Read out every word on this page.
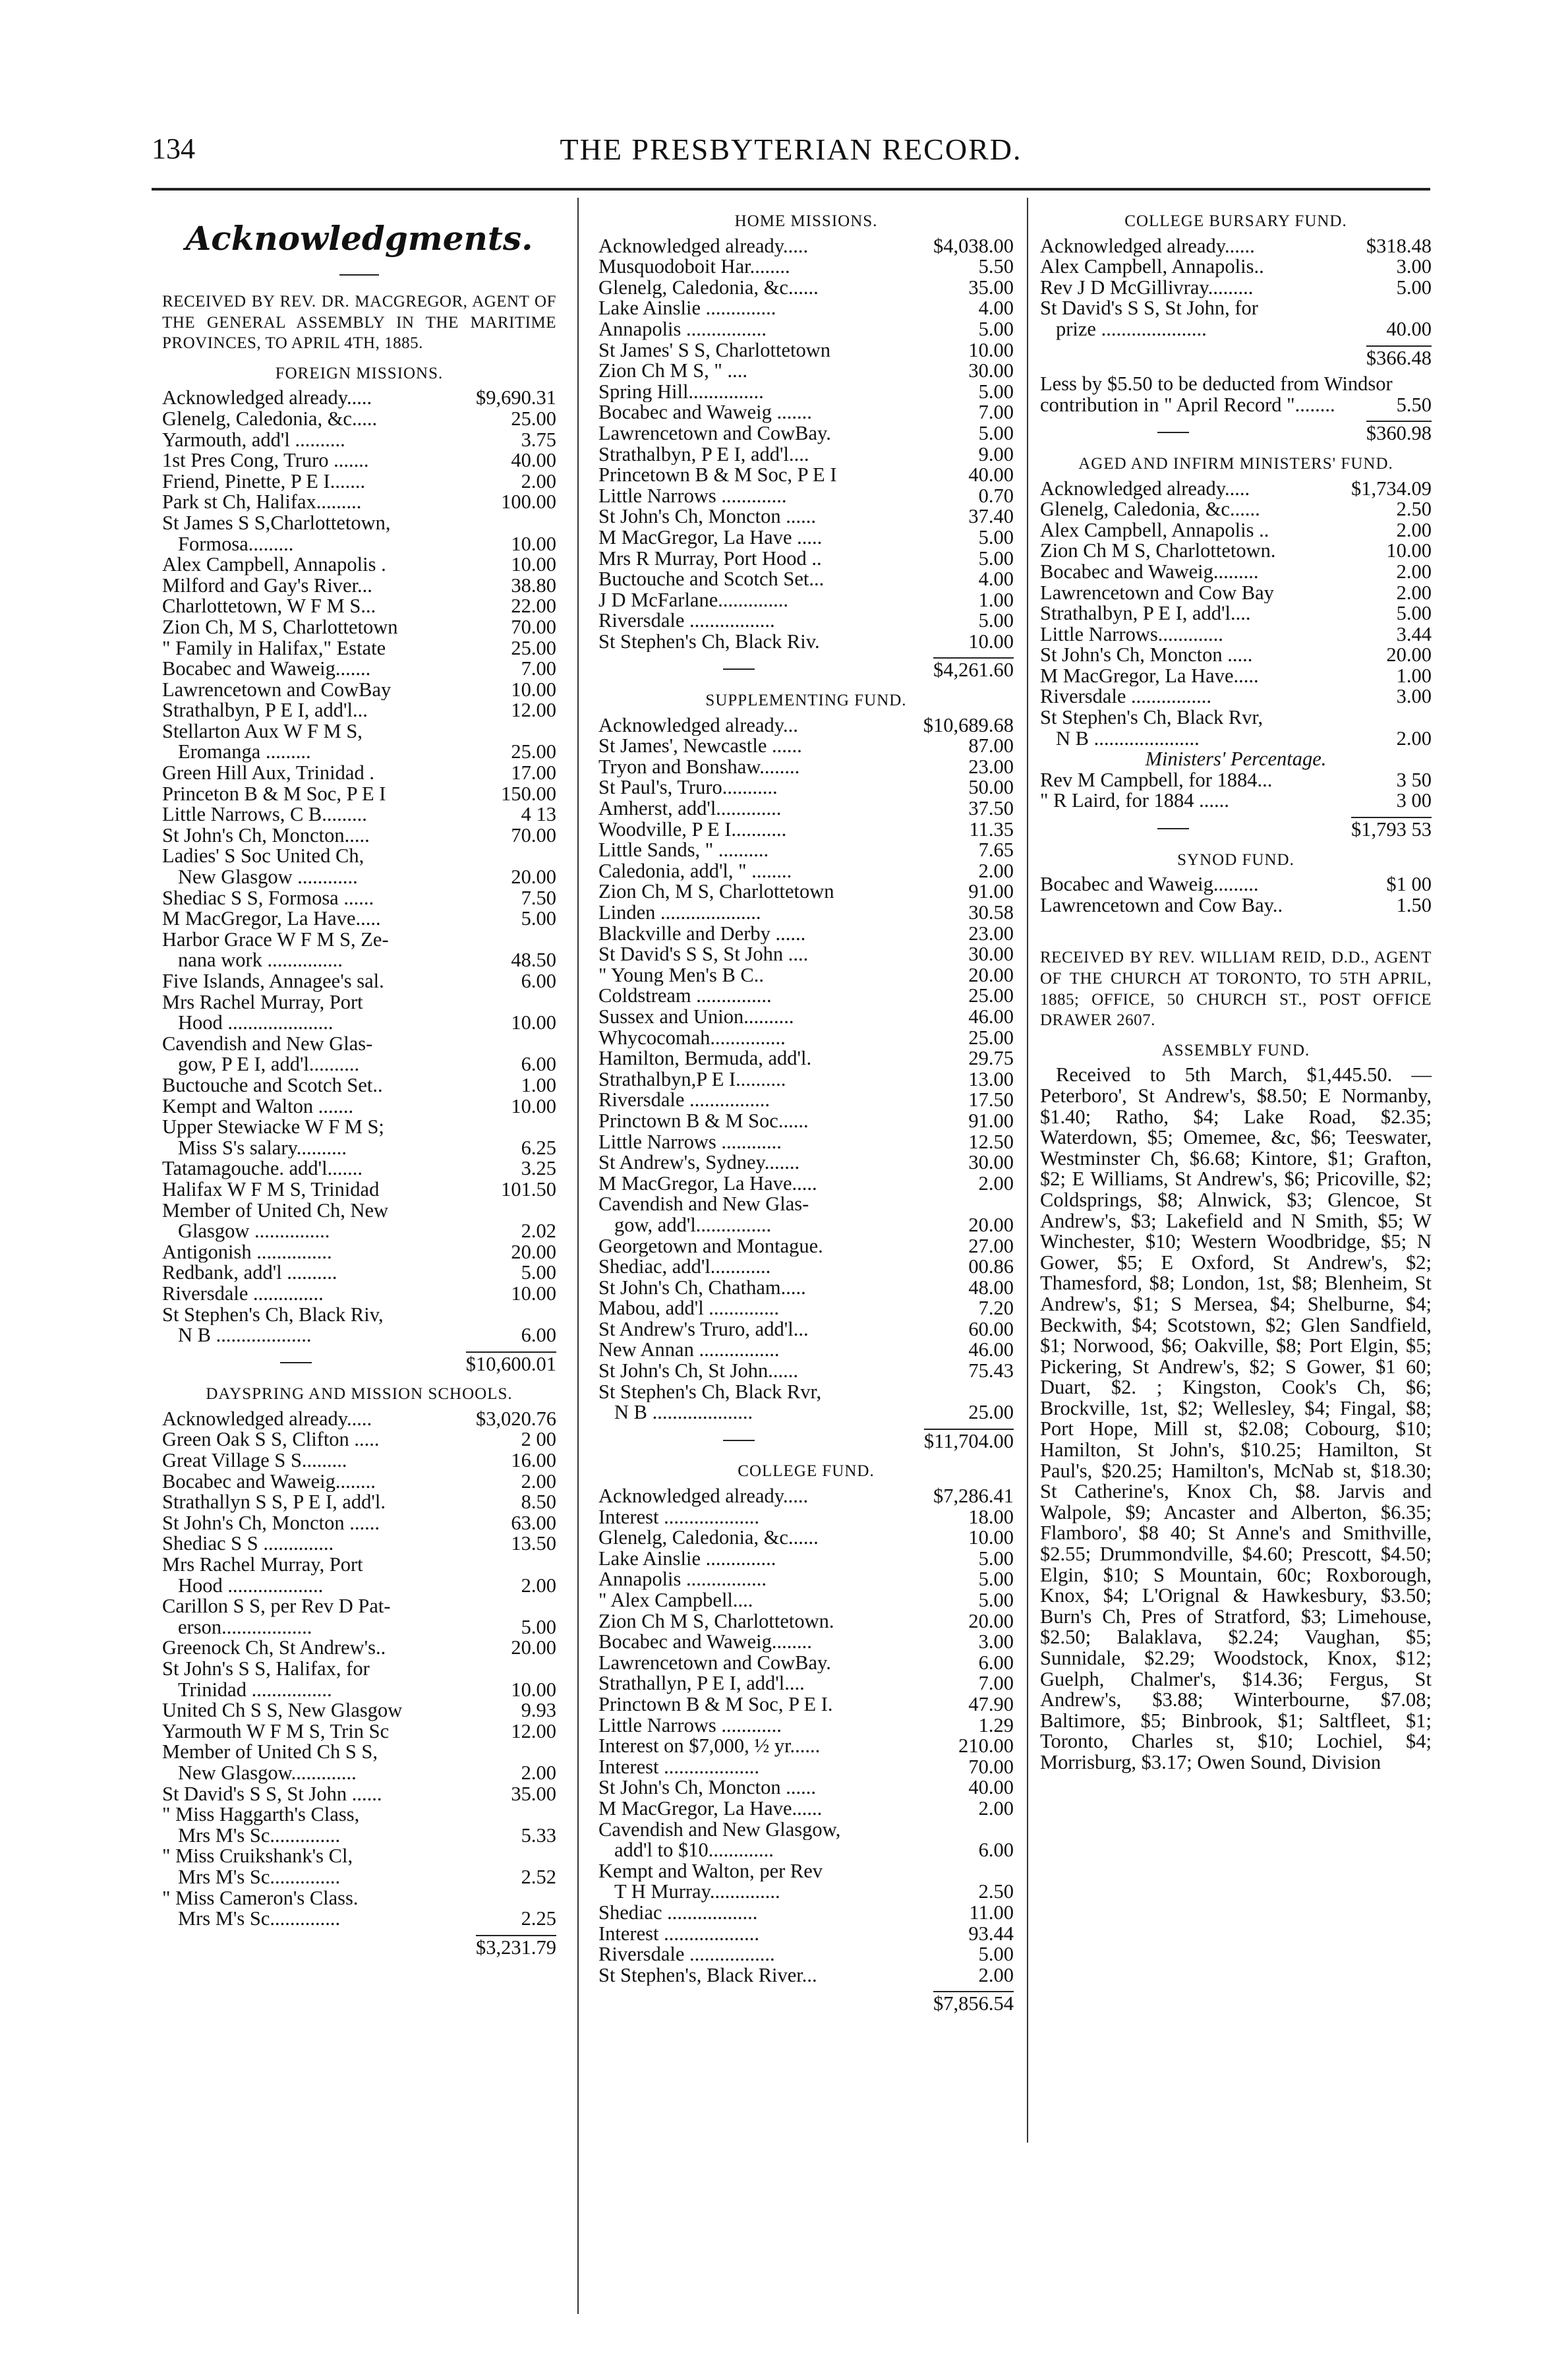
134	THE PRESBYTERIAN RECORD.
Acknowledgments.
RECEIVED BY REV. DR. MACGREGOR, AGENT OF THE GENERAL ASSEMBLY IN THE MARITIME PROVINCES, TO APRIL 4TH, 1885.
FOREIGN MISSIONS.
Acknowledged already.....	$9,690.31
Glenelg, Caledonia, &c.....	25.00
Yarmouth, add'l ..........	3.75
1st Pres Cong, Truro .......	40.00
Friend, Pinette, P E I.......	2.00
Park st Ch, Halifax.........	100.00
St James S S,Charlottetown,
Formosa.........	10.00
Alex Campbell, Annapolis .	10.00
Milford and Gay's River...	38.80
Charlottetown, W F M S...	22.00
Zion Ch, M S, Charlottetown	70.00
" Family in Halifax," Estate	25.00
Bocabec and Waweig.......	7.00
Lawrencetown and CowBay	10.00
Strathalbyn, P E I, add'l...	12.00
Stellarton Aux W F M S,
Eromanga .........	25.00
Green Hill Aux, Trinidad .	17.00
Princeton B & M Soc, P E I	150.00
Little Narrows, C B.........	4 13
St John's Ch, Moncton.....	70.00
Ladies' S Soc United Ch,
New Glasgow ............	20.00
Shediac S S, Formosa ......	7.50
M MacGregor, La Have.....	5.00
Harbor Grace W F M S, Ze-
nana work ...............	48.50
Five Islands, Annagee's sal.	6.00
Mrs Rachel Murray, Port
Hood .....................	10.00
Cavendish and New Glas-
gow, P E I, add'l..........	6.00
Buctouche and Scotch Set..	1.00
Kempt and Walton .......	10.00
Upper Stewiacke W F M S;
Miss S's salary..........	6.25
Tatamagouche. add'l.......	3.25
Halifax W F M S, Trinidad	101.50
Member of United Ch, New
Glasgow ...............	2.02
Antigonish ...............	20.00
Redbank, add'l ..........	5.00
Riversdale ..............	10.00
St Stephen's Ch, Black Riv,
N B ...................	6.00
$10,600.01
DAYSPRING AND MISSION SCHOOLS.
Acknowledged already.....	$3,020.76
Green Oak S S, Clifton .....	2 00
Great Village S S.........	16.00
Bocabec and Waweig........	2.00
Strathallyn S S, P E I, add'l.	8.50
St John's Ch, Moncton ......	63.00
Shediac S S ..............	13.50
Mrs Rachel Murray, Port
Hood ...................	2.00
Carillon S S, per Rev D Pat-
erson..................	5.00
Greenock Ch, St Andrew's..	20.00
St John's S S, Halifax, for
Trinidad ................	10.00
United Ch S S, New Glasgow	9.93
Yarmouth W F M S, Trin Sc	12.00
Member of United Ch S S,
New Glasgow.............	2.00
St David's S S, St John ......	35.00
" Miss Haggarth's Class,
Mrs M's Sc..............	5.33
" Miss Cruikshank's Cl,
Mrs M's Sc..............	2.52
" Miss Cameron's Class.
Mrs M's Sc..............	2.25
$3,231.79
HOME MISSIONS.
Acknowledged already.....	$4,038.00
Musquodoboit Har........	5.50
Glenelg, Caledonia, &c......	35.00
Lake Ainslie ..............	4.00
Annapolis ................	5.00
St James' S S, Charlottetown	10.00
Zion Ch M S, " ....	30.00
Spring Hill...............	5.00
Bocabec and Waweig .......	7.00
Lawrencetown and CowBay.	5.00
Strathalbyn, P E I, add'l....	9.00
Princetown B & M Soc, P E I	40.00
Little Narrows .............	0.70
St John's Ch, Moncton ......	37.40
M MacGregor, La Have .....	5.00
Mrs R Murray, Port Hood ..	5.00
Buctouche and Scotch Set...	4.00
J D McFarlane..............	1.00
Riversdale .................	5.00
St Stephen's Ch, Black Riv.	10.00
$4,261.60
SUPPLEMENTING FUND.
Acknowledged already...	$10,689.68
St James', Newcastle ......	87.00
Tryon and Bonshaw........	23.00
St Paul's, Truro...........	50.00
Amherst, add'l.............	37.50
Woodville, P E I...........	11.35
Little Sands, " ..........	7.65
Caledonia, add'l, " ........	2.00
Zion Ch, M S, Charlottetown	91.00
Linden ....................	30.58
Blackville and Derby ......	23.00
St David's S S, St John ....	30.00
" Young Men's B C..	20.00
Coldstream ...............	25.00
Sussex and Union..........	46.00
Whycocomah...............	25.00
Hamilton, Bermuda, add'l.	29.75
Strathalbyn,P E I..........	13.00
Riversdale ................	17.50
Princtown B & M Soc......	91.00
Little Narrows ............	12.50
St Andrew's, Sydney.......	30.00
M MacGregor, La Have.....	2.00
Cavendish and New Glas-
gow, add'l...............	20.00
Georgetown and Montague.	27.00
Shediac, add'l............	00.86
St John's Ch, Chatham.....	48.00
Mabou, add'l ..............	7.20
St Andrew's Truro, add'l...	60.00
New Annan ................	46.00
St John's Ch, St John......	75.43
St Stephen's Ch, Black Rvr,
N B ....................	25.00
$11,704.00
COLLEGE FUND.
Acknowledged already.....	$7,286.41
Interest ...................	18.00
Glenelg, Caledonia, &c......	10.00
Lake Ainslie ..............	5.00
Annapolis ................	5.00
" Alex Campbell....	5.00
Zion Ch M S, Charlottetown.	20.00
Bocabec and Waweig........	3.00
Lawrencetown and CowBay.	6.00
Strathallyn, P E I, add'l....	7.00
Princtown B & M Soc, P E I.	47.90
Little Narrows ............	1.29
Interest on $7,000, ½ yr......	210.00
Interest ...................	70.00
St John's Ch, Moncton ......	40.00
M MacGregor, La Have......	2.00
Cavendish and New Glasgow,
add'l to $10.............	6.00
Kempt and Walton, per Rev
T H Murray..............	2.50
Shediac ..................	11.00
Interest ...................	93.44
Riversdale .................	5.00
St Stephen's, Black River...	2.00
$7,856.54
COLLEGE BURSARY FUND.
Acknowledged already......	$318.48
Alex Campbell, Annapolis..	3.00
Rev J D McGillivray.........	5.00
St David's S S, St John, for
prize .....................	40.00
$366.48
Less by $5.50 to be deducted from Windsor contribution in " April Record "........	5.50
$360.98
AGED AND INFIRM MINISTERS' FUND.
Acknowledged already.....	$1,734.09
Glenelg, Caledonia, &c......	2.50
Alex Campbell, Annapolis ..	2.00
Zion Ch M S, Charlottetown.	10.00
Bocabec and Waweig.........	2.00
Lawrencetown and Cow Bay	2.00
Strathalbyn, P E I, add'l....	5.00
Little Narrows.............	3.44
St John's Ch, Moncton .....	20.00
M MacGregor, La Have.....	1.00
Riversdale ................	3.00
St Stephen's Ch, Black Rvr,
N B .....................	2.00
Ministers' Percentage.
Rev M Campbell, for 1884...	3 50
" R Laird, for 1884 ......	3 00
$1,793 53
SYNOD FUND.
Bocabec and Waweig.........	$1 00
Lawrencetown and Cow Bay..	1.50
RECEIVED BY REV. WILLIAM REID, D.D., AGENT OF THE CHURCH AT TORONTO, TO 5TH APRIL, 1885; OFFICE, 50 CHURCH ST., POST OFFICE DRAWER 2607.
ASSEMBLY FUND.
Received to 5th March, $1,445.50. —Peterboro', St Andrew's, $8.50; E Normanby, $1.40; Ratho, $4; Lake Road, $2.35; Waterdown, $5; Omemee, &c, $6; Teeswater, Westminster Ch, $6.68; Kintore, $1; Grafton, $2; E Williams, St Andrew's, $6; Pricoville, $2; Coldsprings, $8; Alnwick, $3; Glencoe, St Andrew's, $3; Lakefield and N Smith, $5; W Winchester, $10; Western Woodbridge, $5; N Gower, $5; E Oxford, St Andrew's, $2; Thamesford, $8; London, 1st, $8; Blenheim, St Andrew's, $1; S Mersea, $4; Shelburne, $4; Beckwith, $4; Scotstown, $2; Glen Sandfield, $1; Norwood, $6; Oakville, $8; Port Elgin, $5; Pickering, St Andrew's, $2; S Gower, $1 60; Duart, $2. ; Kingston, Cook's Ch, $6; Brockville, 1st, $2; Wellesley, $4; Fingal, $8; Port Hope, Mill st, $2.08; Cobourg, $10; Hamilton, St John's, $10.25; Hamilton, St Paul's, $20.25; Hamilton's, McNab st, $18.30; St Catherine's, Knox Ch, $8. Jarvis and Walpole, $9; Ancaster and Alberton, $6.35; Flamboro', $8 40; St Anne's and Smithville, $2.55; Drummondville, $4.60; Prescott, $4.50; Elgin, $10; S Mountain, 60c; Roxborough, Knox, $4; L'Orignal & Hawkesbury, $3.50; Burn's Ch, Pres of Stratford, $3; Limehouse, $2.50; Balaklava, $2.24; Vaughan, $5; Sunnidale, $2.29; Woodstock, Knox, $12; Guelph, Chalmer's, $14.36; Fergus, St Andrew's, $3.88; Winterbourne, $7.08; Baltimore, $5; Binbrook, $1; Saltfleet, $1; Toronto, Charles st, $10; Lochiel, $4; Morrisburg, $3.17; Owen Sound, Division
